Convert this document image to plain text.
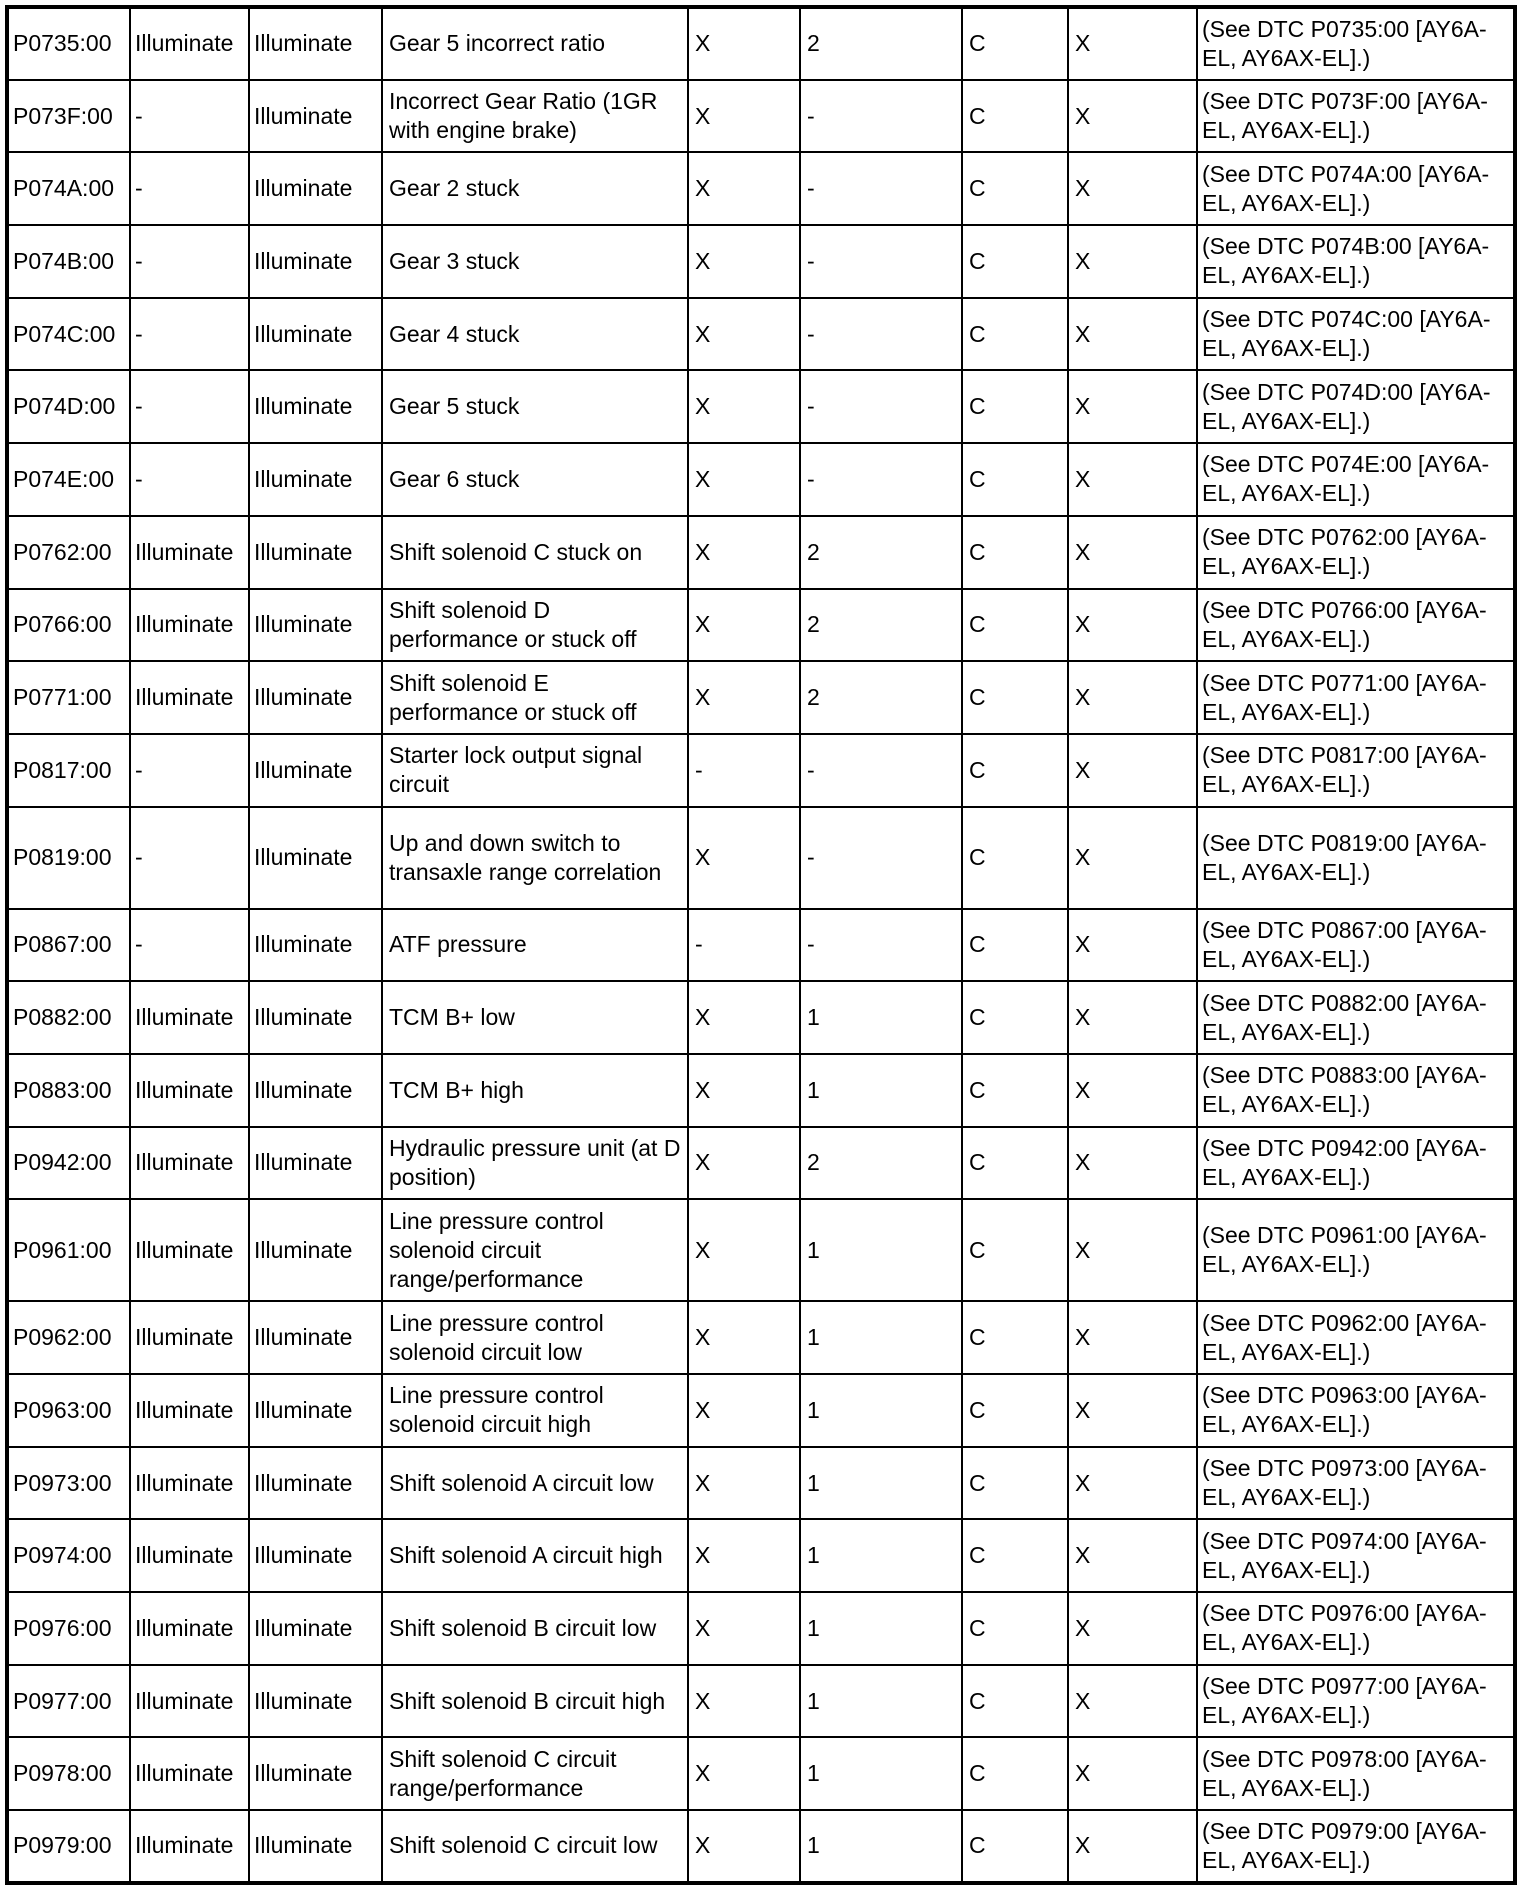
P0735:00	Illuminate	Illuminate	Gear 5 incorrect ratio	X	2	C	X	(See DTC P0735:00 [AY6A-EL, AY6AX-EL].)
P073F:00	-	Illuminate	Incorrect Gear Ratio (1GR with engine brake)	X	-	C	X	(See DTC P073F:00 [AY6A-EL, AY6AX-EL].)
P074A:00	-	Illuminate	Gear 2 stuck	X	-	C	X	(See DTC P074A:00 [AY6A-EL, AY6AX-EL].)
P074B:00	-	Illuminate	Gear 3 stuck	X	-	C	X	(See DTC P074B:00 [AY6A-EL, AY6AX-EL].)
P074C:00	-	Illuminate	Gear 4 stuck	X	-	C	X	(See DTC P074C:00 [AY6A-EL, AY6AX-EL].)
P074D:00	-	Illuminate	Gear 5 stuck	X	-	C	X	(See DTC P074D:00 [AY6A-EL, AY6AX-EL].)
P074E:00	-	Illuminate	Gear 6 stuck	X	-	C	X	(See DTC P074E:00 [AY6A-EL, AY6AX-EL].)
P0762:00	Illuminate	Illuminate	Shift solenoid C stuck on	X	2	C	X	(See DTC P0762:00 [AY6A-EL, AY6AX-EL].)
P0766:00	Illuminate	Illuminate	Shift solenoid D performance or stuck off	X	2	C	X	(See DTC P0766:00 [AY6A-EL, AY6AX-EL].)
P0771:00	Illuminate	Illuminate	Shift solenoid E performance or stuck off	X	2	C	X	(See DTC P0771:00 [AY6A-EL, AY6AX-EL].)
P0817:00	-	Illuminate	Starter lock output signal circuit	-	-	C	X	(See DTC P0817:00 [AY6A-EL, AY6AX-EL].)
P0819:00	-	Illuminate	Up and down switch to transaxle range correlation	X	-	C	X	(See DTC P0819:00 [AY6A-EL, AY6AX-EL].)
P0867:00	-	Illuminate	ATF pressure	-	-	C	X	(See DTC P0867:00 [AY6A-EL, AY6AX-EL].)
P0882:00	Illuminate	Illuminate	TCM B+ low	X	1	C	X	(See DTC P0882:00 [AY6A-EL, AY6AX-EL].)
P0883:00	Illuminate	Illuminate	TCM B+ high	X	1	C	X	(See DTC P0883:00 [AY6A-EL, AY6AX-EL].)
P0942:00	Illuminate	Illuminate	Hydraulic pressure unit (at D position)	X	2	C	X	(See DTC P0942:00 [AY6A-EL, AY6AX-EL].)
P0961:00	Illuminate	Illuminate	Line pressure control solenoid circuit range/performance	X	1	C	X	(See DTC P0961:00 [AY6A-EL, AY6AX-EL].)
P0962:00	Illuminate	Illuminate	Line pressure control solenoid circuit low	X	1	C	X	(See DTC P0962:00 [AY6A-EL, AY6AX-EL].)
P0963:00	Illuminate	Illuminate	Line pressure control solenoid circuit high	X	1	C	X	(See DTC P0963:00 [AY6A-EL, AY6AX-EL].)
P0973:00	Illuminate	Illuminate	Shift solenoid A circuit low	X	1	C	X	(See DTC P0973:00 [AY6A-EL, AY6AX-EL].)
P0974:00	Illuminate	Illuminate	Shift solenoid A circuit high	X	1	C	X	(See DTC P0974:00 [AY6A-EL, AY6AX-EL].)
P0976:00	Illuminate	Illuminate	Shift solenoid B circuit low	X	1	C	X	(See DTC P0976:00 [AY6A-EL, AY6AX-EL].)
P0977:00	Illuminate	Illuminate	Shift solenoid B circuit high	X	1	C	X	(See DTC P0977:00 [AY6A-EL, AY6AX-EL].)
P0978:00	Illuminate	Illuminate	Shift solenoid C circuit range/performance	X	1	C	X	(See DTC P0978:00 [AY6A-EL, AY6AX-EL].)
P0979:00	Illuminate	Illuminate	Shift solenoid C circuit low	X	1	C	X	(See DTC P0979:00 [AY6A-EL, AY6AX-EL].)
